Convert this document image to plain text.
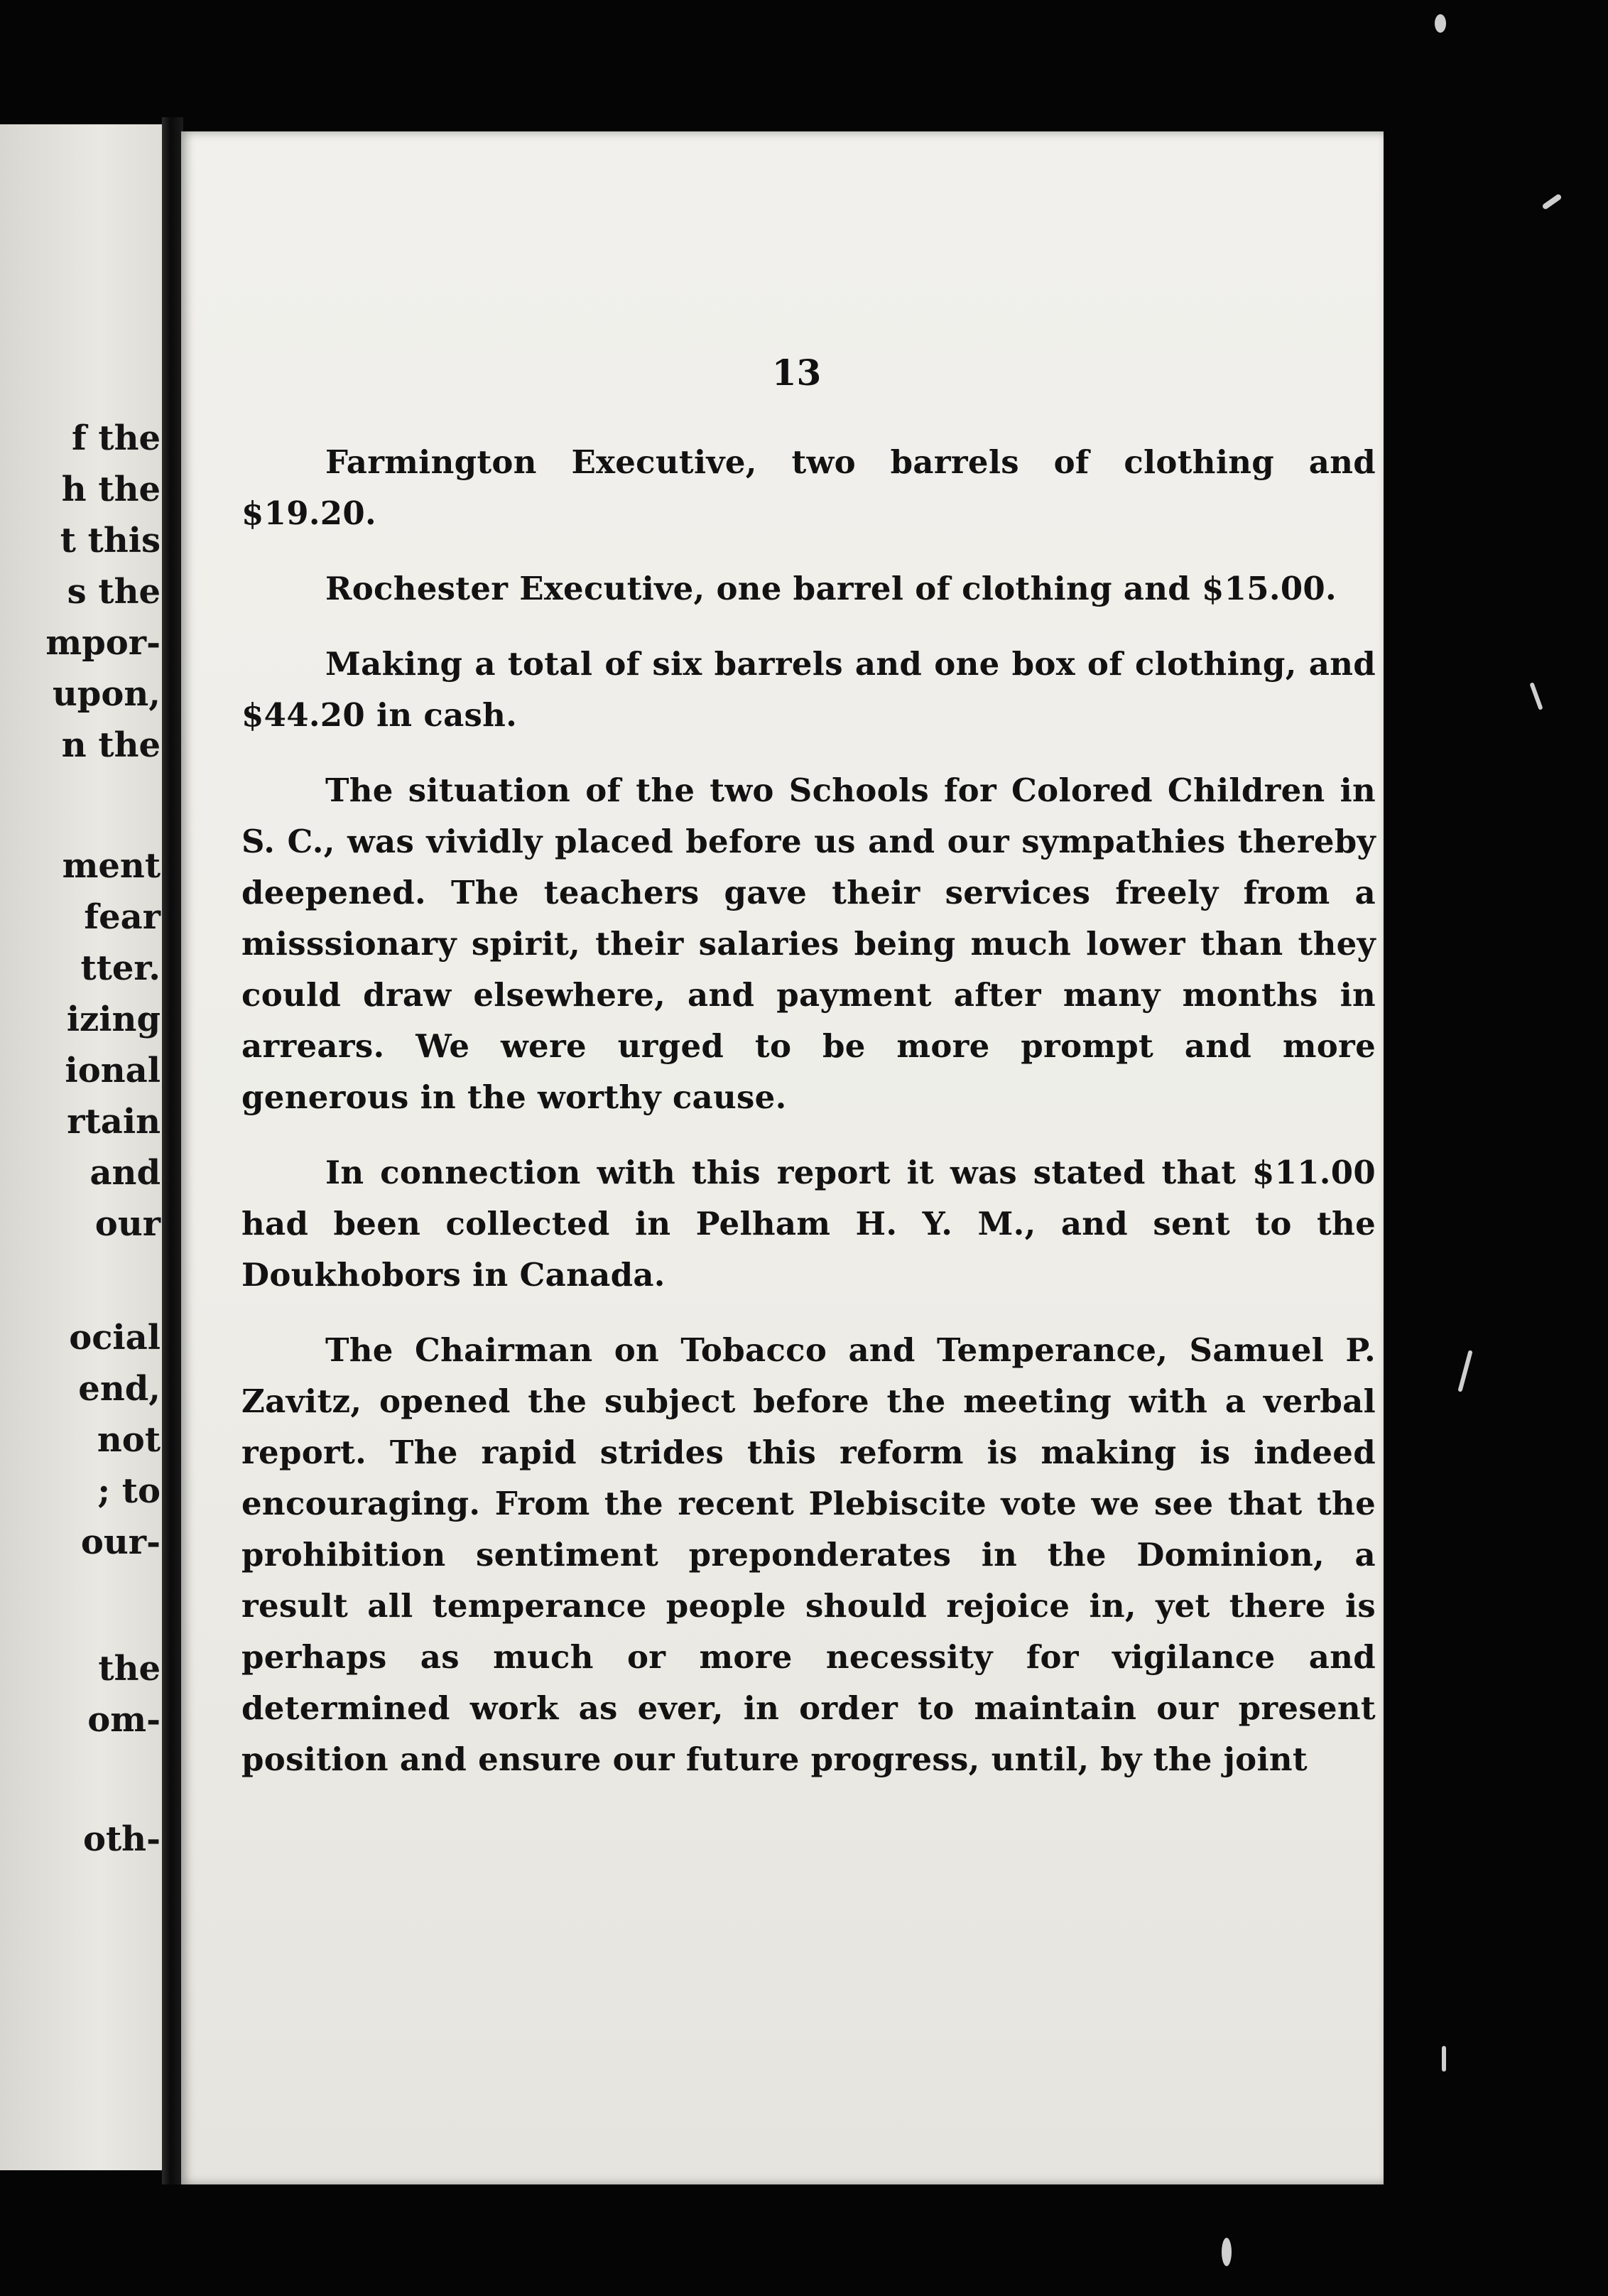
f the

h the

t this

s the

mpor-

upon,

n the

ment

fear

tter.

izing

ional

rtain

and

our

ocial

end,

not

; to

our-

the

om-

oth-

13

Farmington Executive, two barrels of clothing and $19.20.

Rochester Executive, one barrel of clothing and $15.00.

Making a total of six barrels and one box of clothing, and $44.20 in cash.

The situation of the two Schools for Colored Children in S. C., was vividly placed before us and our sympathies thereby deepened. The teachers gave their services freely from a misssionary spirit, their salaries being much lower than they could draw elsewhere, and payment after many months in arrears. We were urged to be more prompt and more generous in the worthy cause.

In connection with this report it was stated that $11.00 had been collected in Pelham H. Y. M., and sent to the Doukhobors in Canada.

The Chairman on Tobacco and Temperance, Samuel P. Zavitz, opened the subject before the meeting with a verbal report. The rapid strides this reform is making is indeed encouraging. From the recent Plebiscite vote we see that the prohibition sentiment preponderates in the Dominion, a result all temperance people should rejoice in, yet there is perhaps as much or more necessity for vigilance and determined work as ever, in order to maintain our present position and ensure our future progress, until, by the joint
